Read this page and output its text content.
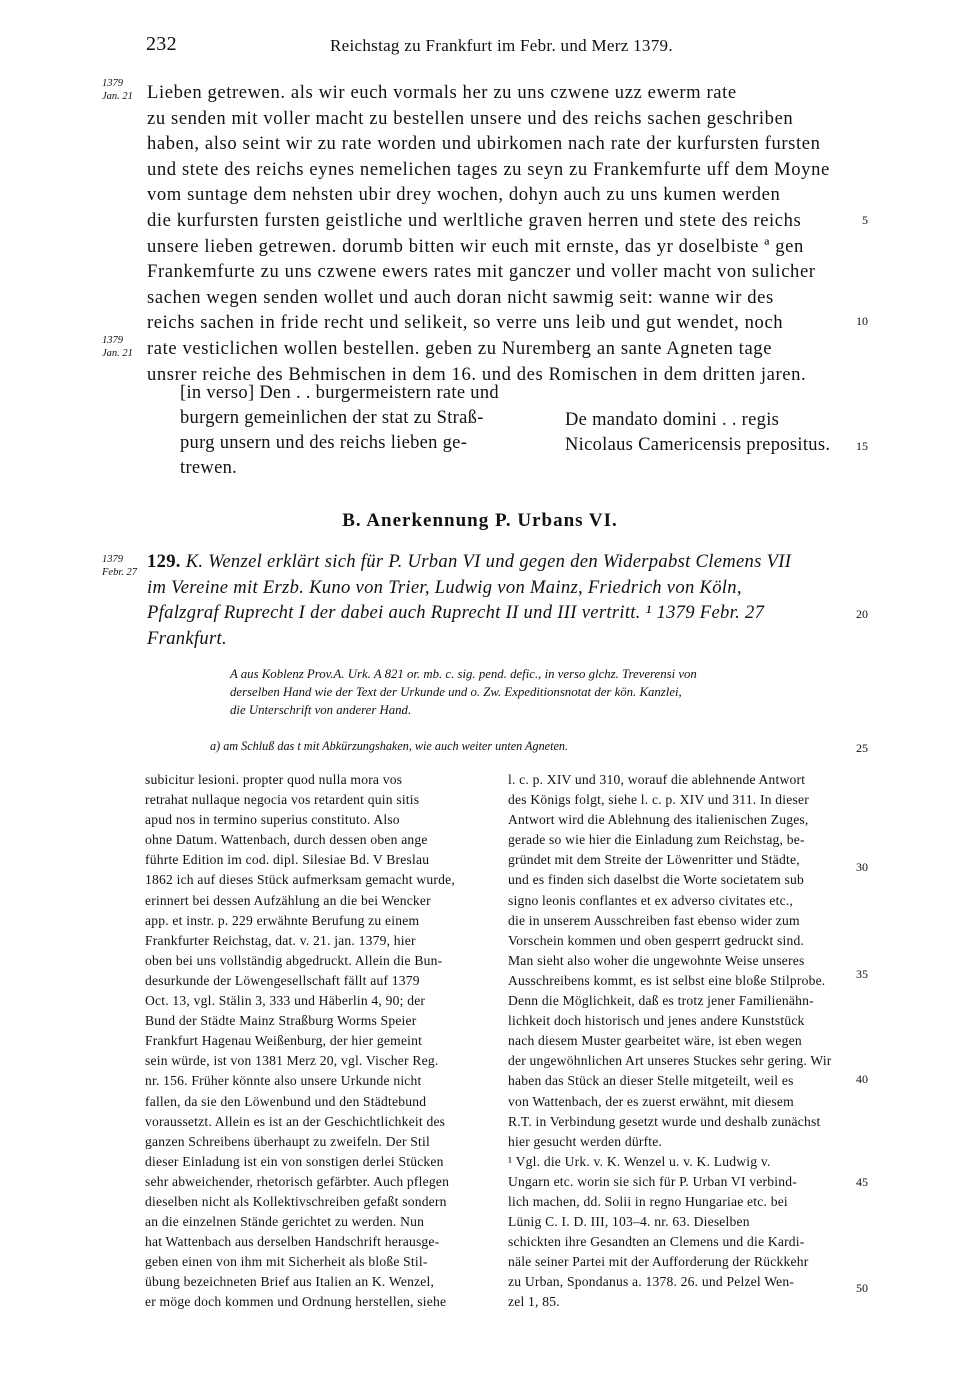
232	Reichstag zu Frankfurt im Febr. und Merz 1379.
1379
Jan. 21
1379
Jan. 21
1379
Febr. 27
5
10
15
20
25
30
35
40
45
50
Lieben getrewen. als wir euch vormals her zu uns czwene uzz ewerm rate
zu senden mit voller macht zu bestellen unsere und des reichs sachen geschriben
haben, also seint wir zu rate worden und ubirkomen nach rate der kurfursten fursten
und stete des reichs eynes nemelichen tages zu seyn zu Frankemfurte uff dem Moyne
vom suntage dem nehsten ubir drey wochen, dohyn auch zu uns kumen werden
die kurfursten fursten geistliche und werltliche graven herren und stete des reichs
unsere lieben getrewen. dorumb bitten wir euch mit ernste, das yr doselbiste ª gen
Frankemfurte zu uns czwene ewers rates mit ganczer und voller macht von sulicher
sachen wegen senden wollet und auch doran nicht sawmig seit: wanne wir des
reichs sachen in fride recht und selikeit, so verre uns leib und gut wendet, noch
rate vesticlichen wollen bestellen. geben zu Nuremberg an sante Agneten tage
unsrer reiche des Behmischen in dem 16. und des Romischen in dem dritten jaren.
[in verso] Den . . burgermeistern rate und
burgern gemeinlichen der stat zu Straß-
purg unsern und des reichs lieben ge-
trewen.
De mandato domini . . regis
Nicolaus Camericensis prepositus.
B. Anerkennung P. Urbans VI.
129. K. Wenzel erklärt sich für P. Urban VI und gegen den Widerpabst Clemens VII
im Vereine mit Erzb. Kuno von Trier, Ludwig von Mainz, Friedrich von Köln,
Pfalzgraf Ruprecht I der dabei auch Ruprecht II und III vertritt. ¹ 1379 Febr. 27
Frankfurt.
A aus Koblenz Prov.A. Urk. A 821 or. mb. c. sig. pend. defic., in verso glchz. Treverensi von
derselben Hand wie der Text der Urkunde und o. Zw. Expeditionsnotat der kön. Kanzlei,
die Unterschrift von anderer Hand.
a) am Schluß das t mit Abkürzungshaken, wie auch weiter unten Agneten.
subicitur lesioni. propter quod nulla mora vos
retrahat nullaque negocia vos retardent quin sitis
apud nos in termino superius constituto. Also
ohne Datum. Wattenbach, durch dessen oben ange
führte Edition im cod. dipl. Silesiae Bd. V Breslau
1862 ich auf dieses Stück aufmerksam gemacht wurde,
erinnert bei dessen Aufzählung an die bei Wencker
app. et instr. p. 229 erwähnte Berufung zu einem
Frankfurter Reichstag, dat. v. 21. jan. 1379, hier
oben bei uns vollständig abgedruckt. Allein die Bun-
desurkunde der Löwengesellschaft fällt auf 1379
Oct. 13, vgl. Stälin 3, 333 und Häberlin 4, 90; der
Bund der Städte Mainz Straßburg Worms Speier
Frankfurt Hagenau Weißenburg, der hier gemeint
sein würde, ist von 1381 Merz 20, vgl. Vischer Reg.
nr. 156. Früher könnte also unsere Urkunde nicht
fallen, da sie den Löwenbund und den Städtebund
voraussetzt. Allein es ist an der Geschichtlichkeit des
ganzen Schreibens überhaupt zu zweifeln. Der Stil
dieser Einladung ist ein von sonstigen derlei Stücken
sehr abweichender, rhetorisch gefärbter. Auch pflegen
dieselben nicht als Kollektivschreiben gefaßt sondern
an die einzelnen Stände gerichtet zu werden. Nun
hat Wattenbach aus derselben Handschrift herausge-
geben einen von ihm mit Sicherheit als bloße Stil-
übung bezeichneten Brief aus Italien an K. Wenzel,
er möge doch kommen und Ordnung herstellen, siehe
l. c. p. XIV und 310, worauf die ablehnende Antwort
des Königs folgt, siehe l. c. p. XIV und 311. In dieser
Antwort wird die Ablehnung des italienischen Zuges,
gerade so wie hier die Einladung zum Reichstag, be-
gründet mit dem Streite der Löwenritter und Städte,
und es finden sich daselbst die Worte societatem sub
signo leonis conflantes et ex adverso civitates etc.,
die in unserem Ausschreiben fast ebenso wider zum
Vorschein kommen und oben gesperrt gedruckt sind.
Man sieht also woher die ungewohnte Weise unseres
Ausschreibens kommt, es ist selbst eine bloße Stilprobe.
Denn die Möglichkeit, daß es trotz jener Familienähn-
lichkeit doch historisch und jenes andere Kunststück
nach diesem Muster gearbeitet wäre, ist eben wegen
der ungewöhnlichen Art unseres Stuckes sehr gering. Wir
haben das Stück an dieser Stelle mitgeteilt, weil es
von Wattenbach, der es zuerst erwähnt, mit diesem
R.T. in Verbindung gesetzt wurde und deshalb zunächst
hier gesucht werden dürfte.
¹ Vgl. die Urk. v. K. Wenzel u. v. K. Ludwig v.
Ungarn etc. worin sie sich für P. Urban VI verbind-
lich machen, dd. Solii in regno Hungariae etc. bei
Lünig C. I. D. III, 103–4. nr. 63. Dieselben
schickten ihre Gesandten an Clemens und die Kardi-
näle seiner Partei mit der Aufforderung der Rückkehr
zu Urban, Spondanus a. 1378. 26. und Pelzel Wen-
zel 1, 85.
